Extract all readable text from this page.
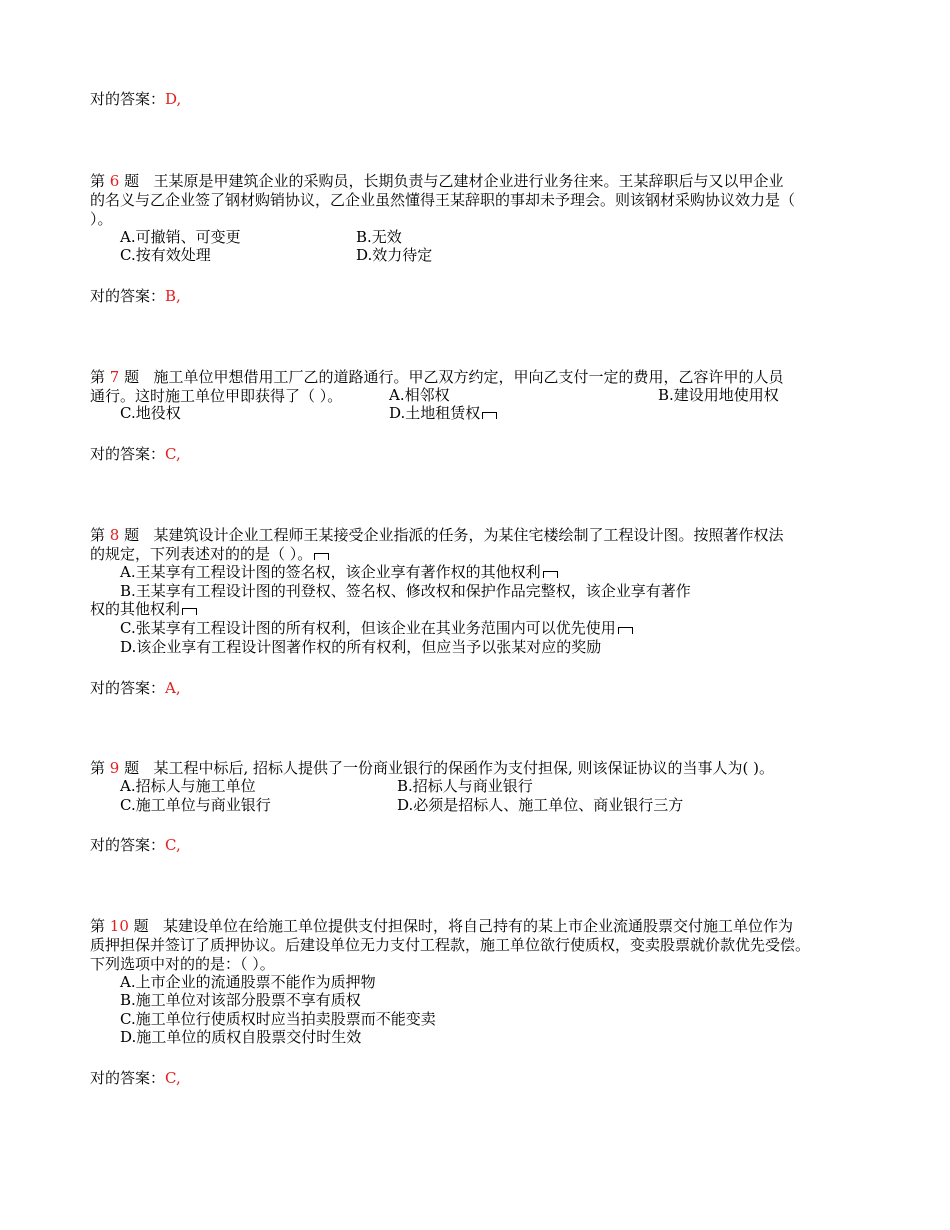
对的答案：D,
第 6 题 王某原是甲建筑企业的采购员，长期负责与乙建材企业进行业务往来。王某辞职后与又以甲企业
的名义与乙企业签了钢材购销协议，乙企业虽然懂得王某辞职的事却未予理会。则该钢材采购协议效力是（
）。
A.可撤销、可变更	B.无效
C.按有效处理	D.效力待定
对的答案：B,
第 7 题 施工单位甲想借用工厂乙的道路通行。甲乙双方约定，甲向乙支付一定的费用，乙容许甲的人员
通行。这时施工单位甲即获得了（ ）。	A.相邻权	B.建设用地使用权
C.地役权	D.土地租赁权
对的答案：C,
第 8 题 某建筑设计企业工程师王某接受企业指派的任务，为某住宅楼绘制了工程设计图。按照著作权法
的规定，下列表述对的的是（ ）。
A.王某享有工程设计图的签名权，该企业享有著作权的其他权利
B.王某享有工程设计图的刊登权、签名权、修改权和保护作品完整权，该企业享有著作
权的其他权利
C.张某享有工程设计图的所有权利，但该企业在其业务范围内可以优先使用
D.该企业享有工程设计图著作权的所有权利，但应当予以张某对应的奖励
对的答案：A,
第 9 题 某工程中标后, 招标人提供了一份商业银行的保函作为支付担保, 则该保证协议的当事人为( )。
A.招标人与施工单位	B.招标人与商业银行
C.施工单位与商业银行	D.必须是招标人、施工单位、商业银行三方
对的答案：C,
第 10 题 某建设单位在给施工单位提供支付担保时，将自己持有的某上市企业流通股票交付施工单位作为
质押担保并签订了质押协议。后建设单位无力支付工程款，施工单位欲行使质权，变卖股票就价款优先受偿。
下列选项中对的的是：（ ）。
A.上市企业的流通股票不能作为质押物
B.施工单位对该部分股票不享有质权
C.施工单位行使质权时应当拍卖股票而不能变卖
D.施工单位的质权自股票交付时生效
对的答案：C,
